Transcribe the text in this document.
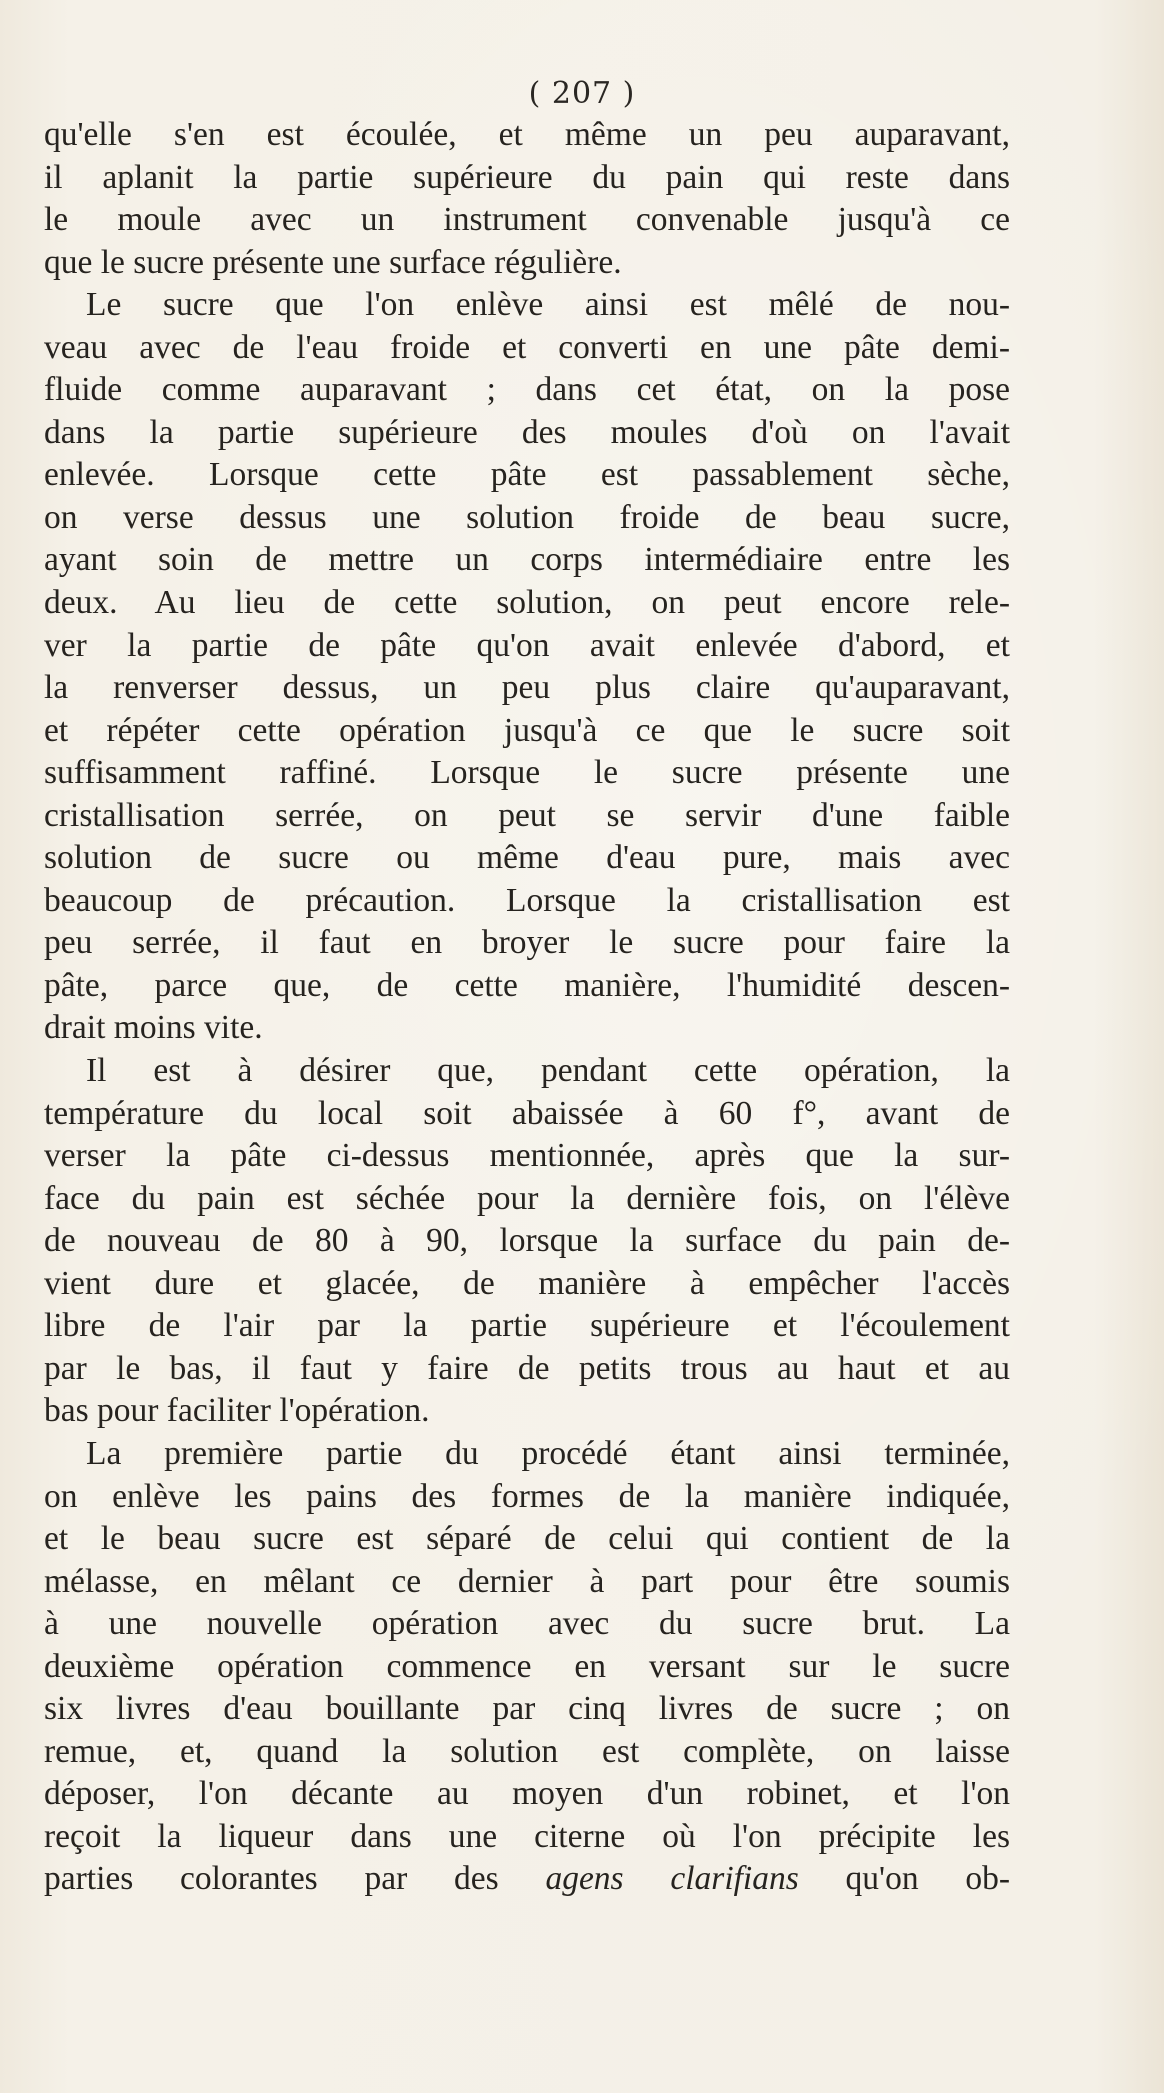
( 207 )
qu'elle s'en est écoulée, et même un peu auparavant,
il aplanit la partie supérieure du pain qui reste dans
le moule avec un instrument convenable jusqu'à ce
que le sucre présente une surface régulière.
Le sucre que l'on enlève ainsi est mêlé de nou-
veau avec de l'eau froide et converti en une pâte demi-
fluide comme auparavant ; dans cet état, on la pose
dans la partie supérieure des moules d'où on l'avait
enlevée. Lorsque cette pâte est passablement sèche,
on verse dessus une solution froide de beau sucre,
ayant soin de mettre un corps intermédiaire entre les
deux. Au lieu de cette solution, on peut encore rele-
ver la partie de pâte qu'on avait enlevée d'abord, et
la renverser dessus, un peu plus claire qu'auparavant,
et répéter cette opération jusqu'à ce que le sucre soit
suffisamment raffiné. Lorsque le sucre présente une
cristallisation serrée, on peut se servir d'une faible
solution de sucre ou même d'eau pure, mais avec
beaucoup de précaution. Lorsque la cristallisation est
peu serrée, il faut en broyer le sucre pour faire la
pâte, parce que, de cette manière, l'humidité descen-
drait moins vite.
Il est à désirer que, pendant cette opération, la
température du local soit abaissée à 60 f°, avant de
verser la pâte ci-dessus mentionnée, après que la sur-
face du pain est séchée pour la dernière fois, on l'élève
de nouveau de 80 à 90, lorsque la surface du pain de-
vient dure et glacée, de manière à empêcher l'accès
libre de l'air par la partie supérieure et l'écoulement
par le bas, il faut y faire de petits trous au haut et au
bas pour faciliter l'opération.
La première partie du procédé étant ainsi terminée,
on enlève les pains des formes de la manière indiquée,
et le beau sucre est séparé de celui qui contient de la
mélasse, en mêlant ce dernier à part pour être soumis
à une nouvelle opération avec du sucre brut. La
deuxième opération commence en versant sur le sucre
six livres d'eau bouillante par cinq livres de sucre ; on
remue, et, quand la solution est complète, on laisse
déposer, l'on décante au moyen d'un robinet, et l'on
reçoit la liqueur dans une citerne où l'on précipite les
parties colorantes par des agens clarifians qu'on ob-
